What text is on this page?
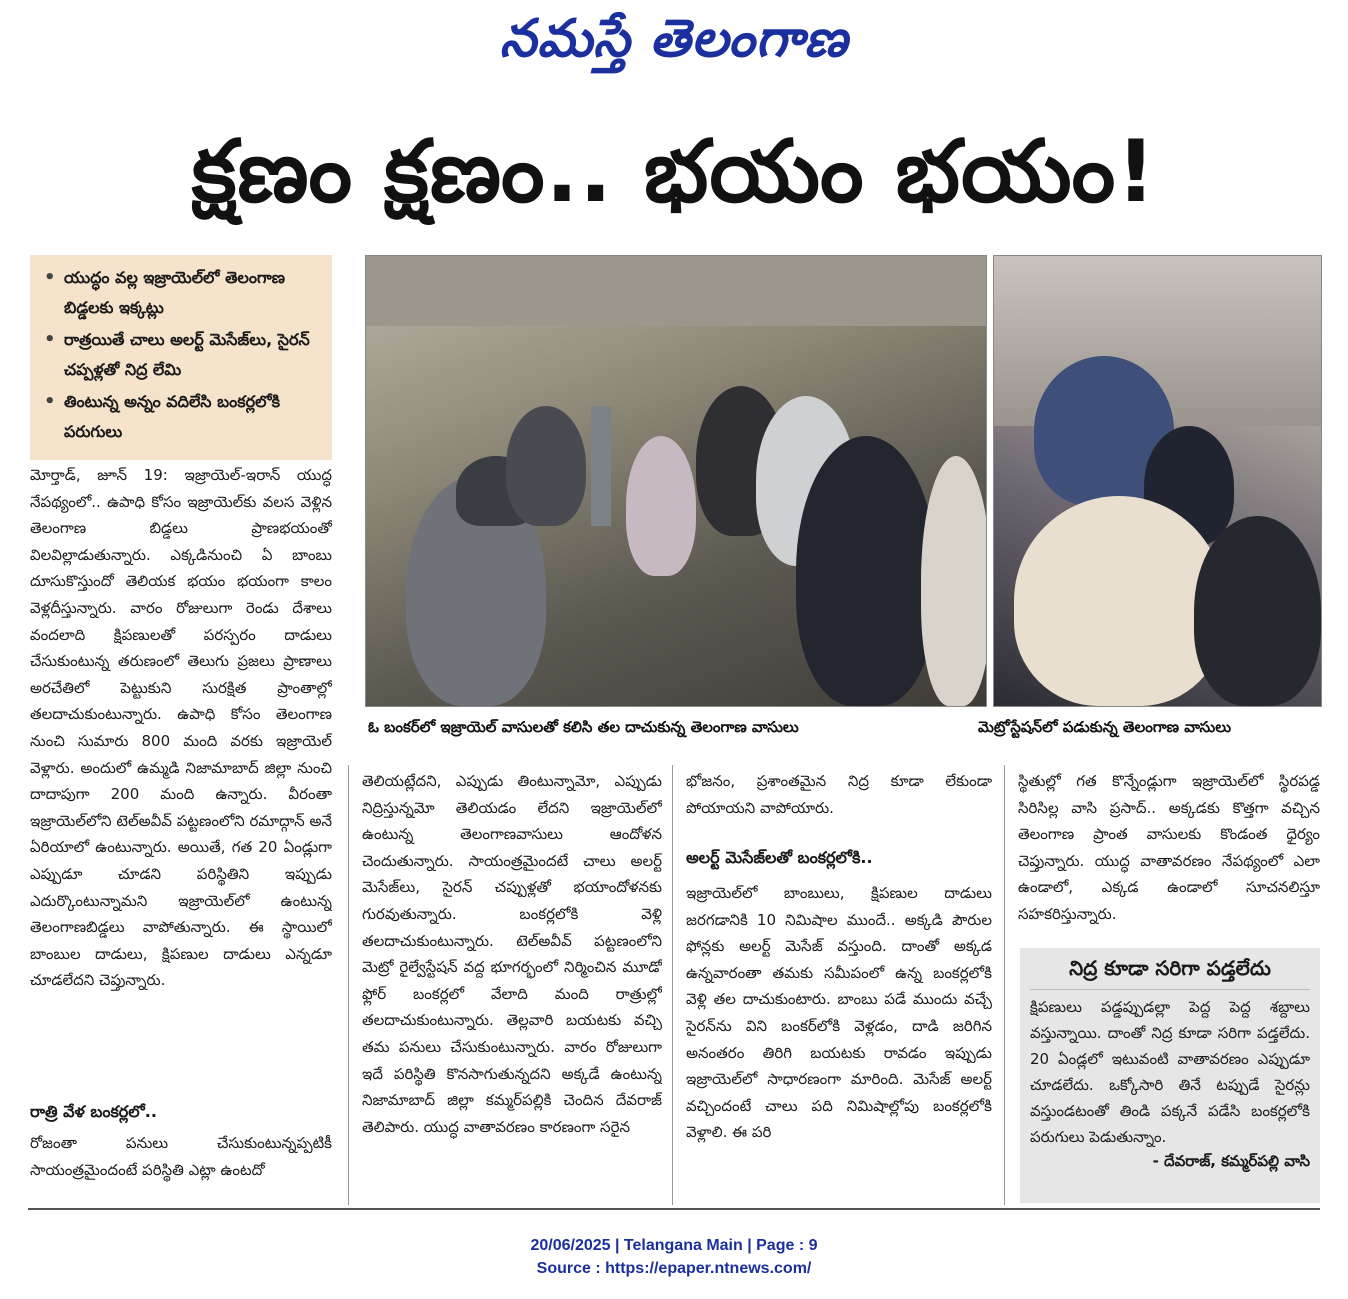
నమస్తే తెలంగాణ
క్షణం క్షణం.. భయం భయం!
• యుద్ధం వల్ల ఇజ్రాయెల్‌లో తెలంగాణ బిడ్డలకు ఇక్కట్లు
• రాత్రయితే చాలు అలర్ట్‌ మెసేజ్‌లు, సైరన్‌ చప్పళ్లతో నిద్ర లేమి
• తింటున్న అన్నం వదిలేసి బంకర్లలోకి పరుగులు
ఓ బంకర్‌లో ఇజ్రాయెల్‌ వాసులతో కలిసి తల దాచుకున్న తెలంగాణ వాసులు	మెట్రోస్టేషన్‌లో పడుకున్న తెలంగాణ వాసులు
మోర్తాడ్‌, జూన్‌ 19: ఇజ్రాయెల్‌-ఇరాన్‌ యుద్ధ నేపథ్యంలో.. ఉపాధి కోసం ఇజ్రాయెల్‌కు వలస వెళ్లిన తెలంగాణ బిడ్డలు ప్రాణభయంతో విలవిల్లాడుతున్నారు. ఎక్కడినుంచి ఏ బాంబు దూసుకొస్తుందో తెలియక భయం భయంగా కాలం వెళ్లదీస్తున్నారు. వారం రోజులుగా రెండు దేశాలు వందలాది క్షిపణులతో పరస్పరం దాడులు చేసుకుంటున్న తరుణంలో తెలుగు ప్రజలు ప్రాణాలు అరచేతిలో పెట్టుకుని సురక్షిత ప్రాంతాల్లో తలదాచుకుంటున్నారు. ఉపాధి కోసం తెలంగాణ నుంచి సుమారు 800 మంది వరకు ఇజ్రాయెల్‌ వెళ్లారు. అందులో ఉమ్మడి నిజామాబాద్‌ జిల్లా నుంచి దాదాపుగా 200 మంది ఉన్నారు. వీరంతా ఇజ్రాయెల్‌లోని టెల్‌అవీవ్‌ పట్టణంలోని రమాద్గాన్‌ అనే ఏరియాలో ఉంటున్నారు. అయితే, గత 20 ఏండ్లుగా ఎప్పుడూ చూడని పరిస్థితిని ఇప్పుడు ఎదుర్కొంటున్నామని ఇజ్రాయెల్‌లో ఉంటున్న తెలంగాణబిడ్డలు వాపోతున్నారు. ఈ స్థాయిలో బాంబుల దాడులు, క్షిపణుల దాడులు ఎన్నడూ చూడలేదని చెప్తున్నారు.
రాత్రి వేళ బంకర్లలో..
రోజంతా పనులు చేసుకుంటున్నప్పటికీ సాయంత్రమైందంటే పరిస్థితి ఎట్లా ఉంటదో
తెలియట్లేదని, ఎప్పుడు తింటున్నామో, ఎప్పుడు నిద్రిస్తున్నమో తెలియడం లేదని ఇజ్రాయెల్‌లో ఉంటున్న తెలంగాణవాసులు ఆందోళన చెందుతున్నారు. సాయంత్రమైందటే చాలు అలర్ట్‌ మెసేజ్‌లు, సైరన్‌ చప్పుళ్లతో భయాందోళనకు గురవుతున్నారు. బంకర్లలోకి వెళ్లి తలదాచుకుంటున్నారు. టెల్‌అవీవ్‌ పట్టణంలోని మెట్రో రైల్వేస్టేషన్‌ వద్ద భూగర్భంలో నిర్మించిన మూడో ఫ్లోర్‌ బంకర్లలో వేలాది మంది రాత్రుల్లో తలదాచుకుంటున్నారు. తెల్లవారి బయటకు వచ్చి తమ పనులు చేసుకుంటున్నారు. వారం రోజులుగా ఇదే పరిస్థితి కొనసాగుతున్నదని అక్కడే ఉంటున్న నిజామాబాద్‌ జిల్లా కమ్మర్‌పల్లికి చెందిన దేవరాజ్‌ తెలిపారు. యుద్ధ వాతావరణం కారణంగా సరైన
భోజనం, ప్రశాంతమైన నిద్ర కూడా లేకుండా పోయాయని వాపోయారు.
అలర్ట్‌ మెసేజ్‌లతో బంకర్లలోకి..
ఇజ్రాయెల్‌లో బాంబులు, క్షిపణుల దాడులు జరగడానికి 10 నిమిషాల ముందే.. అక్కడి పౌరుల ఫోన్లకు అలర్ట్‌ మెసేజ్‌ వస్తుంది. దాంతో అక్కడ ఉన్నవారంతా తమకు సమీపంలో ఉన్న బంకర్లలోకి వెళ్లి తల దాచుకుంటారు. బాంబు పడే ముందు వచ్చే సైరన్‌ను విని బంకర్‌లోకి వెళ్లడం, దాడి జరిగిన అనంతరం తిరిగి బయటకు రావడం ఇప్పుడు ఇజ్రాయెల్‌లో సాధారణంగా మారింది. మెసేజ్‌ అలర్ట్‌ వచ్చిందంటే చాలు పది నిమిషాల్లోపు బంకర్లలోకి వెళ్లాలి. ఈ పరి
స్థితుల్లో గత కొన్నేండ్లుగా ఇజ్రాయెల్‌లో స్థిరపడ్డ సిరిసిల్ల వాసి ప్రసాద్‌.. అక్కడకు కొత్తగా వచ్చిన తెలంగాణ ప్రాంత వాసులకు కొండంత ధైర్యం చెప్తున్నారు. యుద్ధ వాతావరణం నేపథ్యంలో ఎలా ఉండాలో, ఎక్కడ ఉండాలో సూచనలిస్తూ సహకరిస్తున్నారు.
నిద్ర కూడా సరిగా పడ్తలేదు
క్షిపణులు పడ్డప్పుడల్లా పెద్ద పెద్ద శబ్దాలు వస్తున్నాయి. దాంతో నిద్ర కూడా సరిగా పడ్తలేదు. 20 ఏండ్లలో ఇటువంటి వాతావరణం ఎప్పుడూ చూడలేదు. ఒక్కోసారి తినే టప్పుడే సైరన్లు వస్తుండటంతో తిండి పక్కనే పడేసి బంకర్లలోకి పరుగులు పెడుతున్నాం.
- దేవరాజ్‌, కమ్మర్‌పల్లి వాసి
20/06/2025 | Telangana Main | Page : 9
Source : https://epaper.ntnews.com/
